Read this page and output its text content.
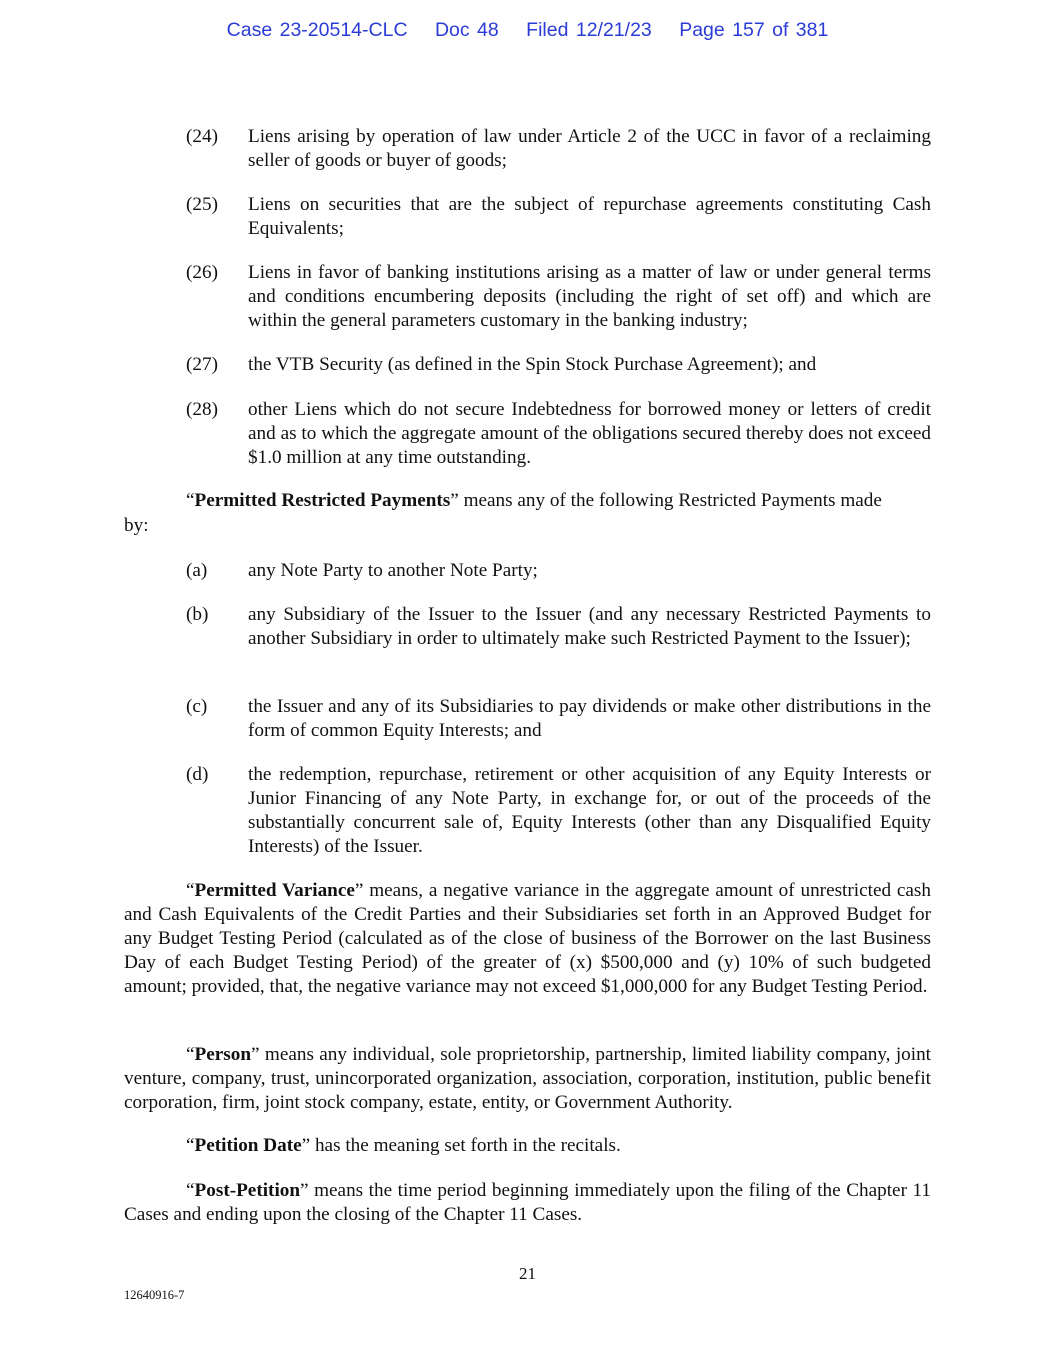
Case 23-20514-CLC Doc 48 Filed 12/21/23 Page 157 of 381
(24) Liens arising by operation of law under Article 2 of the UCC in favor of a reclaiming seller of goods or buyer of goods;
(25) Liens on securities that are the subject of repurchase agreements constituting Cash Equivalents;
(26) Liens in favor of banking institutions arising as a matter of law or under general terms and conditions encumbering deposits (including the right of set off) and which are within the general parameters customary in the banking industry;
(27) the VTB Security (as defined in the Spin Stock Purchase Agreement); and
(28) other Liens which do not secure Indebtedness for borrowed money or letters of credit and as to which the aggregate amount of the obligations secured thereby does not exceed $1.0 million at any time outstanding.
“Permitted Restricted Payments” means any of the following Restricted Payments made
by:
(a) any Note Party to another Note Party;
(b) any Subsidiary of the Issuer to the Issuer (and any necessary Restricted Payments to another Subsidiary in order to ultimately make such Restricted Payment to the Issuer);
(c) the Issuer and any of its Subsidiaries to pay dividends or make other distributions in the form of common Equity Interests; and
(d) the redemption, repurchase, retirement or other acquisition of any Equity Interests or Junior Financing of any Note Party, in exchange for, or out of the proceeds of the substantially concurrent sale of, Equity Interests (other than any Disqualified Equity Interests) of the Issuer.
“Permitted Variance” means, a negative variance in the aggregate amount of unrestricted cash and Cash Equivalents of the Credit Parties and their Subsidiaries set forth in an Approved Budget for any Budget Testing Period (calculated as of the close of business of the Borrower on the last Business Day of each Budget Testing Period) of the greater of (x) $500,000 and (y) 10% of such budgeted amount; provided, that, the negative variance may not exceed $1,000,000 for any Budget Testing Period.
“Person” means any individual, sole proprietorship, partnership, limited liability company, joint venture, company, trust, unincorporated organization, association, corporation, institution, public benefit corporation, firm, joint stock company, estate, entity, or Government Authority.
“Petition Date” has the meaning set forth in the recitals.
“Post-Petition” means the time period beginning immediately upon the filing of the Chapter 11 Cases and ending upon the closing of the Chapter 11 Cases.
21
12640916-7
